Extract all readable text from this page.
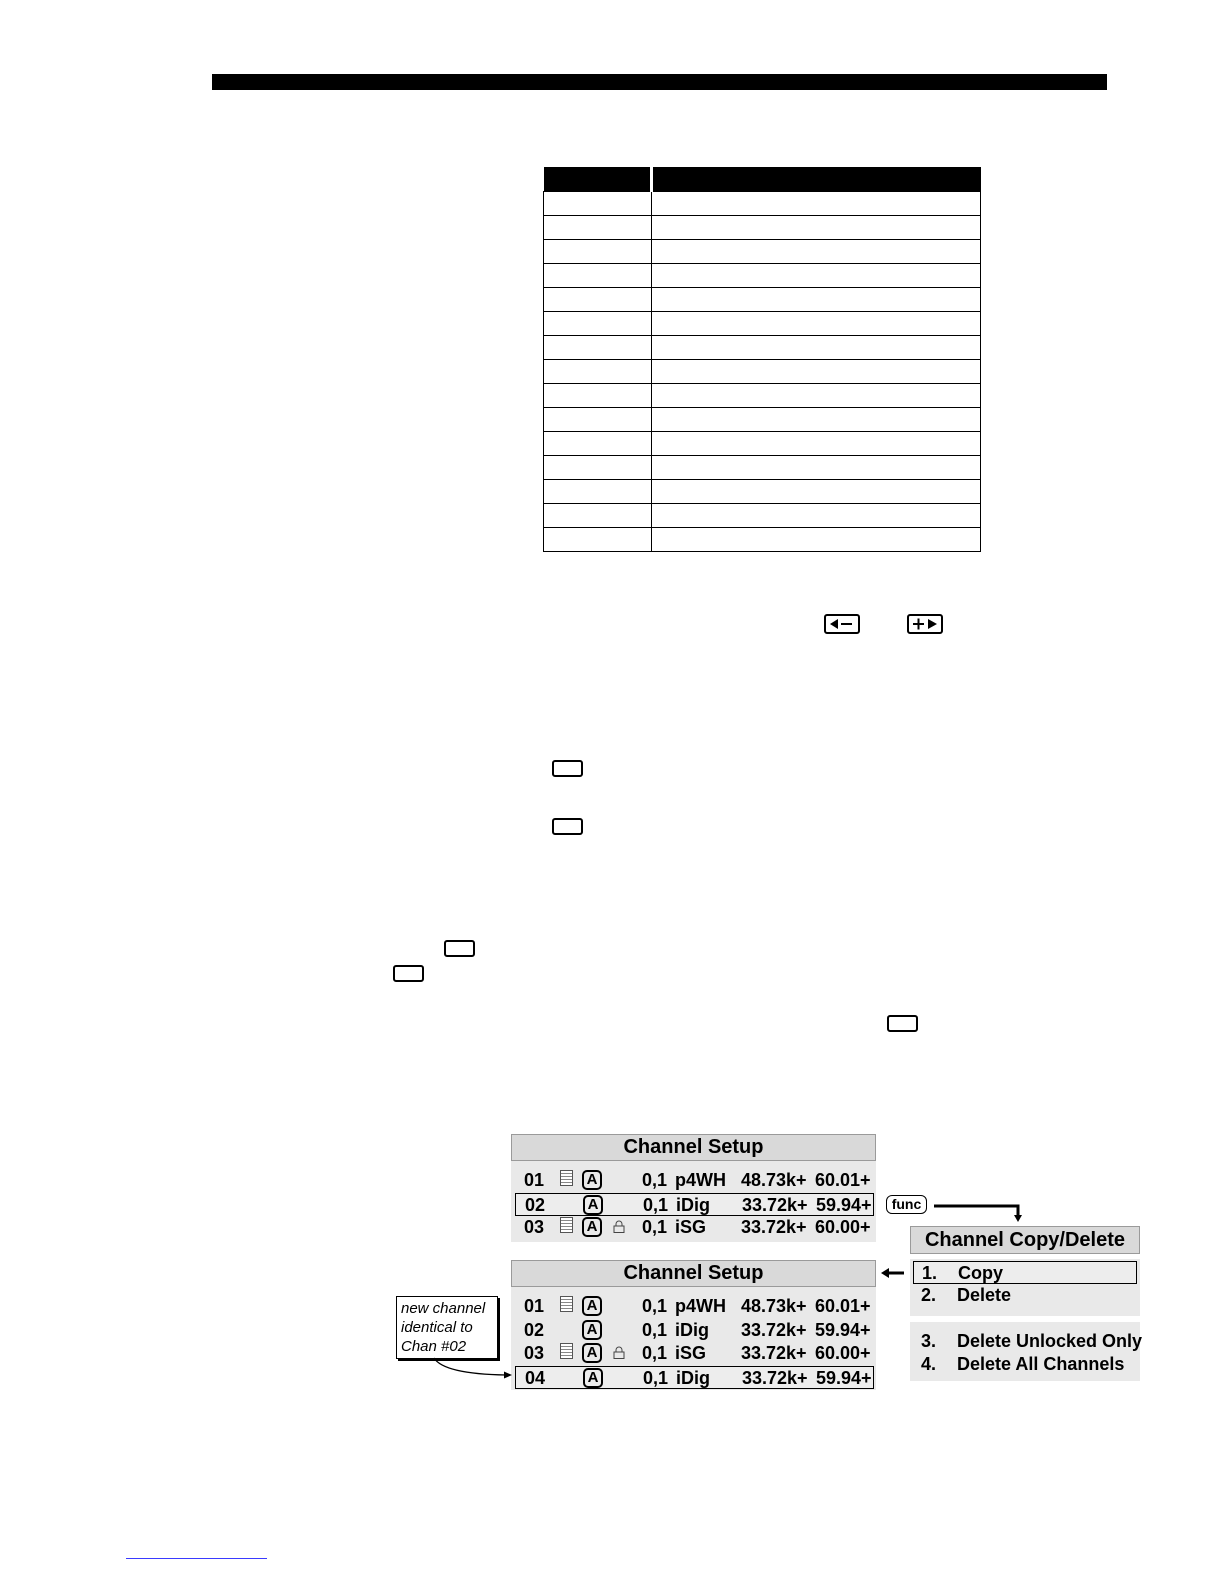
Channel Setup
01	A 0,1 p4WH 48.73k+ 60.01+
02	A 0,1 iDig 33.72k+ 59.94+
03	A 0,1 iSG 33.72k+ 60.00+
func
Channel Copy/Delete
1. Copy
2. Delete
3. Delete Unlocked Only
4. Delete All Channels
Channel Setup
01	A 0,1 p4WH 48.73k+ 60.01+
02	A 0,1 iDig 33.72k+ 59.94+
03	A 0,1 iSG 33.72k+ 60.00+
04	A 0,1 iDig 33.72k+ 59.94+
new channel
identical to
Chan #02
